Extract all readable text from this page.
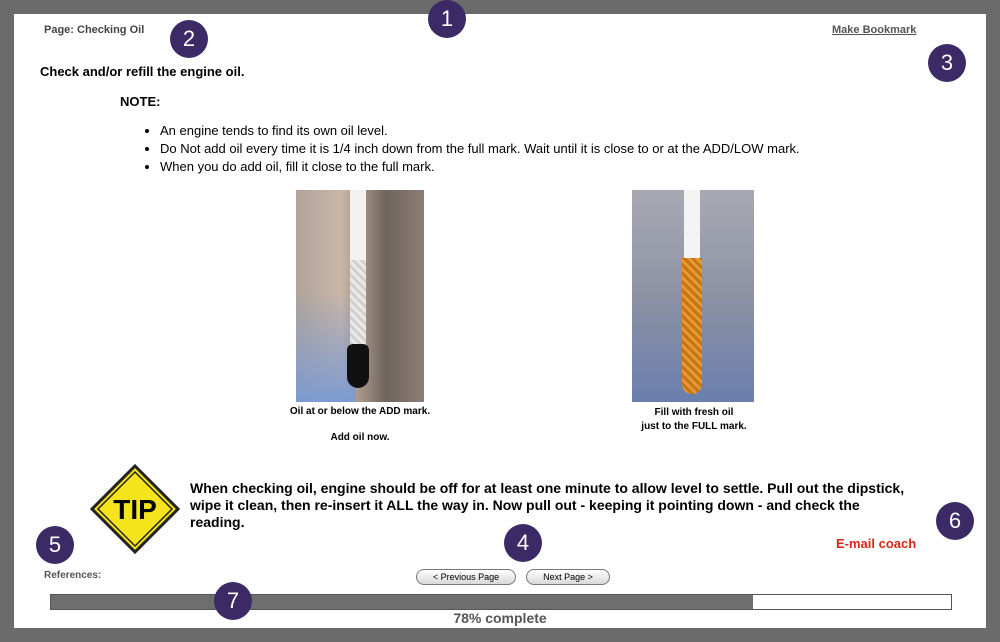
Page: Checking Oil	Make Bookmark
Check and/or refill the engine oil.
NOTE:
• An engine tends to find its own oil level.
• Do Not add oil every time it is 1/4 inch down from the full mark. Wait until it is close to or at the ADD/LOW mark.
• When you do add oil, fill it close to the full mark.
Oil at or below the ADD mark.
Add oil now.
Fill with fresh oil
just to the FULL mark.
TIP
When checking oil, engine should be off for at least one minute to allow level to settle. Pull out the dipstick, wipe it clean, then re-insert it ALL the way in. Now pull out - keeping it pointing down - and check the reading.
E-mail coach
References:	< Previous Page	Next Page >
78% complete
1
2
3
4
5
6
7
